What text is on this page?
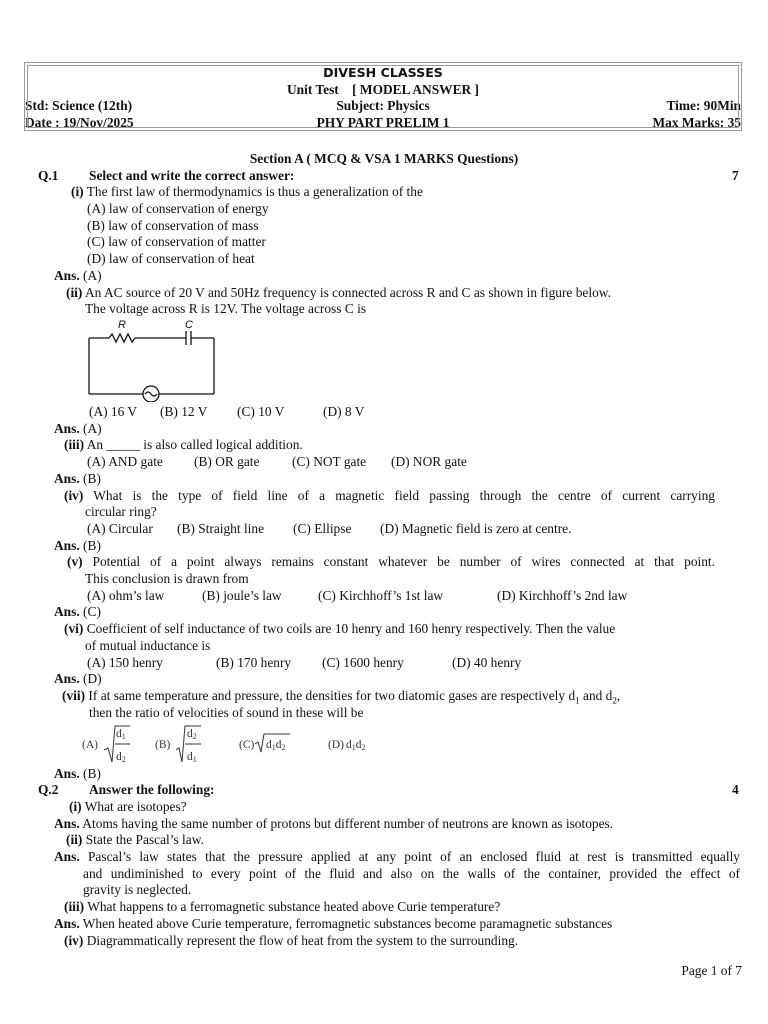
DIVESH CLASSES
Unit Test    [ MODEL ANSWER ]
Std: Science (12th)	Subject: Physics	Time: 90Min
Date : 19/Nov/2025	PHY PART PRELIM 1	Max Marks: 35
Section A ( MCQ & VSA 1 MARKS Questions)
Q.1 Select and write the correct answer:	7
(i) The first law of thermodynamics is thus a generalization of the
(A) law of conservation of energy
(B) law of conservation of mass
(C) law of conservation of matter
(D) law of conservation of heat
Ans. (A)
(ii) An AC source of 20 V and 50Hz frequency is connected across R and C as shown in figure below.
The voltage across R is 12V. The voltage across C is
R	C
(A) 16 V (B) 12 V (C) 10 V	(D) 8 V
Ans. (A)
(iii) An _____ is also called logical addition.
(A) AND gate (B) OR gate (C) NOT gate (D) NOR gate
Ans. (B)
(iv) What is the type of field line of a magnetic field passing through the centre of current carrying
circular ring?
(A) Circular (B) Straight line (C) Ellipse (D) Magnetic field is zero at centre.
Ans. (B)
(v) Potential of a point always remains constant whatever be number of wires connected at that point.
This conclusion is drawn from
(A) ohm’s law	(B) joule’s law	(C) Kirchhoff’s 1st law	(D) Kirchhoff’s 2nd law
Ans. (C)
(vi) Coefficient of self inductance of two coils are 10 henry and 160 henry respectively. Then the value
of mutual inductance is
(A) 150 henry	(B) 170 henry (C) 1600 henry	(D) 40 henry
Ans. (D)
(vii) If at same temperature and pressure, the densities for two diatomic gases are respectively $d_1$ and $d_2$,
then the ratio of velocities of sound in these will be
(A)
d1
d2
(B)
d2
d1
(C) d1d2	(D) d1d2
Ans. (B)
Q.2 Answer the following:	4
(i) What are isotopes?
Ans. Atoms having the same number of protons but different number of neutrons are known as isotopes.
(ii) State the Pascal’s law.
Ans. Pascal’s law states that the pressure applied at any point of an enclosed fluid at rest is transmitted equally
and undiminished to every point of the fluid and also on the walls of the container, provided the effect of
gravity is neglected.
(iii) What happens to a ferromagnetic substance heated above Curie temperature?
Ans. When heated above Curie temperature, ferromagnetic substances become paramagnetic substances
(iv) Diagrammatically represent the flow of heat from the system to the surrounding.
Page 1 of 7
